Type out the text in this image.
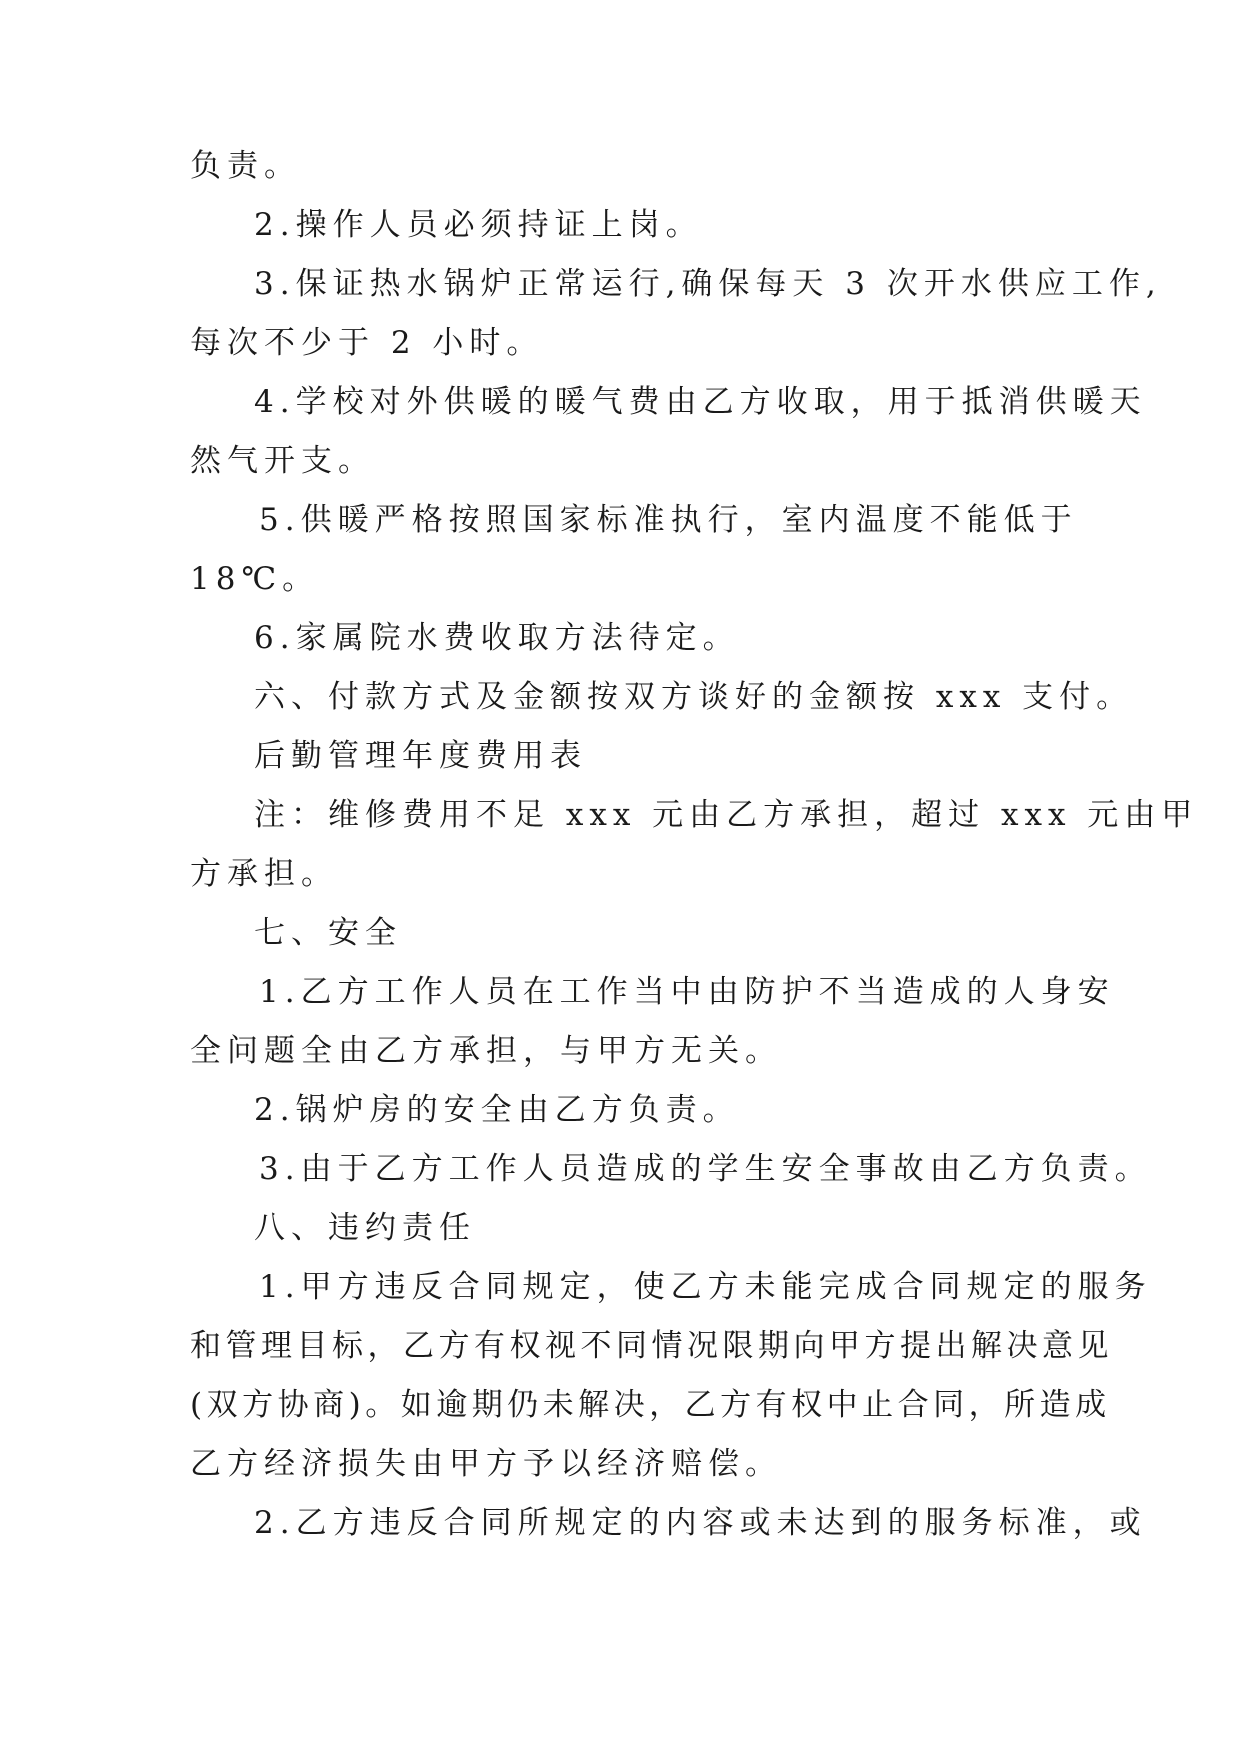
负责。
2.操作人员必须持证上岗。
3.保证热水锅炉正常运行,确保每天 3 次开水供应工作,
每次不少于 2 小时。
4.学校对外供暖的暖气费由乙方收取，用于抵消供暖天
然气开支。
5.供暖严格按照国家标准执行，室内温度不能低于
18℃。
6.家属院水费收取方法待定。
六、付款方式及金额按双方谈好的金额按 xxx 支付。
后勤管理年度费用表
注：维修费用不足 xxx 元由乙方承担，超过 xxx 元由甲
方承担。
七、安全
1.乙方工作人员在工作当中由防护不当造成的人身安
全问题全由乙方承担，与甲方无关。
2.锅炉房的安全由乙方负责。
3.由于乙方工作人员造成的学生安全事故由乙方负责。
八、违约责任
1.甲方违反合同规定，使乙方未能完成合同规定的服务
和管理目标，乙方有权视不同情况限期向甲方提出解决意见
(双方协商)。如逾期仍未解决，乙方有权中止合同，所造成
乙方经济损失由甲方予以经济赔偿。
2.乙方违反合同所规定的内容或未达到的服务标准，或
